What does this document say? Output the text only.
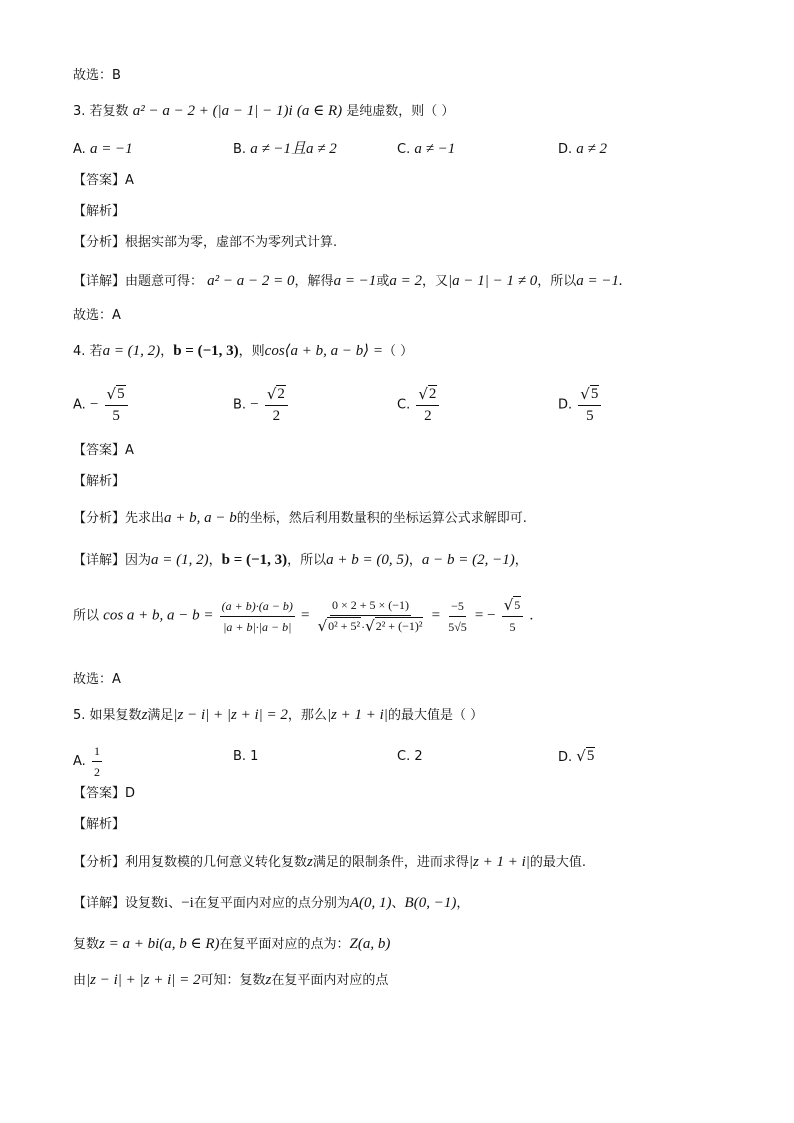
故选：B
3. 若复数 a² − a − 2 + (|a − 1| − 1)i (a ∈ R) 是纯虚数，则（ ）
A. a = −1	B. a ≠ −1且a ≠ 2	C. a ≠ −1	D. a ≠ 2
【答案】A
【解析】
【分析】根据实部为零，虚部不为零列式计算.
【详解】由题意可得： a² − a − 2 = 0，解得a = −1或a = 2，又|a − 1| − 1 ≠ 0，所以a = −1.
故选：A
4. 若a = (1, 2)，b = (−1, 3)，则cos⟨a + b, a − b⟩ =（ ）
A. − $\frac{√ 5}{5}$	B. − $\frac{√ 2}{2}$	C. $\frac{√ 2}{2}$	D. $\frac{√ 5}{5}$
【答案】A
【解析】
【分析】先求出a + b, a − b的坐标，然后利用数量积的坐标运算公式求解即可.
【详解】因为a = (1, 2)，b = (−1, 3)，所以a + b = (0, 5)，a − b = (2, −1)，
所以 cos a + b, $a - b = \frac{(a + b)\cdot(a - b)}{|a + b|\cdot|a - b|} = \frac{0 \times 2 + 5 \times (-1)}{\text{√ 0² + 5² · √ 2² + (−1)²}} = \frac{-5}{5√5}$ = − $\frac{√ 5}{5}$ .
故选：A
5. 如果复数z满足|z − i| + |z + i| = 2，那么|z + 1 + i|的最大值是（ ）
A. $\frac{1}{2}$	B. 1	C. 2	D. √ 5
【答案】D
【解析】
【分析】利用复数模的几何意义转化复数z满足的限制条件，进而求得|z + 1 + i|的最大值.
【详解】设复数i、−i在复平面内对应的点分别为A(0, 1)、B(0, −1)，
复数z = a + bi(a, b ∈ R)在复平面对应的点为：Z(a, b)
由|z − i| + |z + i| = 2可知：复数z在复平面内对应的点
